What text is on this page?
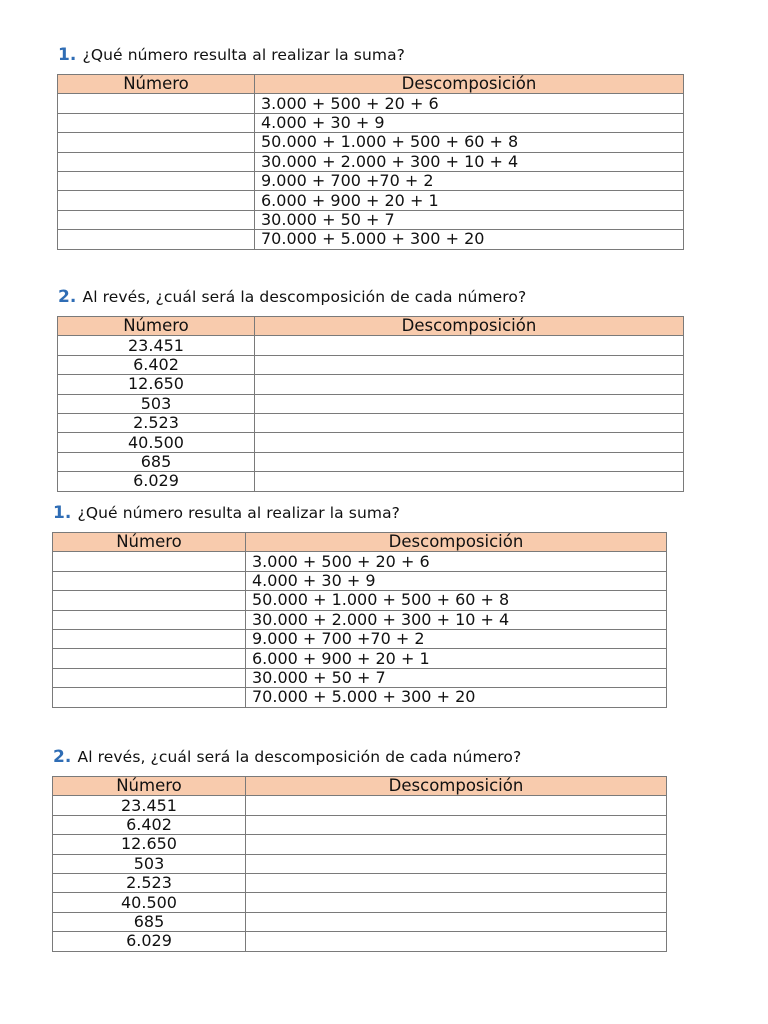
1. ¿Qué número resulta al realizar la suma?
Número	Descomposición
	3.000 + 500 + 20 + 6
	4.000 + 30 + 9
	50.000 + 1.000 + 500 + 60 + 8
	30.000 + 2.000 + 300 + 10 + 4
	9.000 + 700 +70 + 2
	6.000 + 900 + 20 + 1
	30.000 + 50 + 7
	70.000 + 5.000 + 300 + 20
2. Al revés, ¿cuál será la descomposición de cada número?
Número	Descomposición
23.451	
6.402	
12.650	
503	
2.523	
40.500	
685	
6.029	
1. ¿Qué número resulta al realizar la suma?
Número	Descomposición
	3.000 + 500 + 20 + 6
	4.000 + 30 + 9
	50.000 + 1.000 + 500 + 60 + 8
	30.000 + 2.000 + 300 + 10 + 4
	9.000 + 700 +70 + 2
	6.000 + 900 + 20 + 1
	30.000 + 50 + 7
	70.000 + 5.000 + 300 + 20
2. Al revés, ¿cuál será la descomposición de cada número?
Número	Descomposición
23.451	
6.402	
12.650	
503	
2.523	
40.500	
685	
6.029	
